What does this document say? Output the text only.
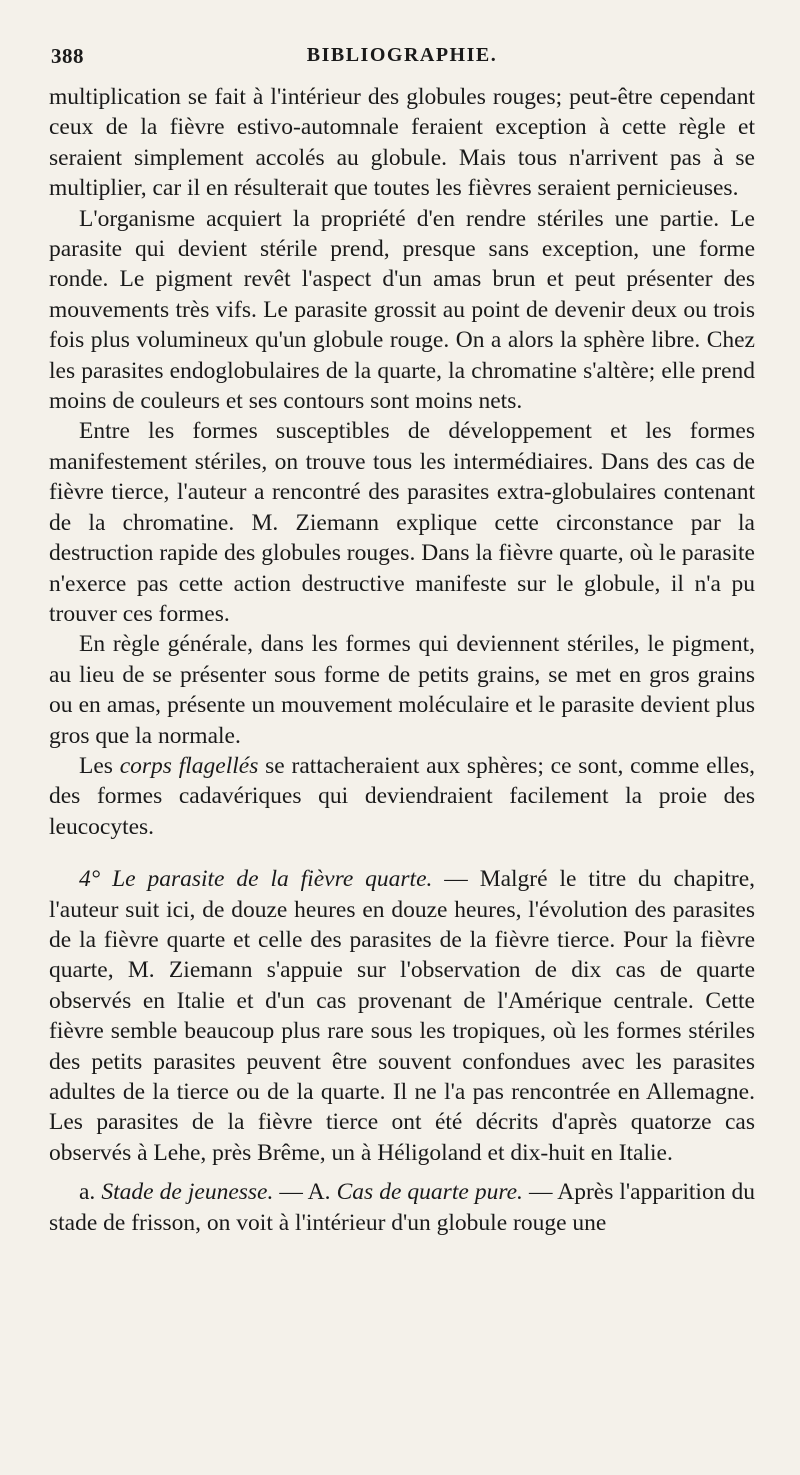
388	BIBLIOGRAPHIE.

multiplication se fait à l'intérieur des globules rouges; peut-être cependant ceux de la fièvre estivo-automnale feraient exception à cette règle et seraient simplement accolés au globule. Mais tous n'arrivent pas à se multiplier, car il en résulterait que toutes les fièvres seraient pernicieuses.

L'organisme acquiert la propriété d'en rendre stériles une partie. Le parasite qui devient stérile prend, presque sans exception, une forme ronde. Le pigment revêt l'aspect d'un amas brun et peut présenter des mouvements très vifs. Le parasite grossit au point de devenir deux ou trois fois plus volumineux qu'un globule rouge. On a alors la sphère libre. Chez les parasites endoglobulaires de la quarte, la chromatine s'altère; elle prend moins de couleurs et ses contours sont moins nets.

Entre les formes susceptibles de développement et les formes manifestement stériles, on trouve tous les intermédiaires. Dans des cas de fièvre tierce, l'auteur a rencontré des parasites extra-globulaires contenant de la chromatine. M. Ziemann explique cette circonstance par la destruction rapide des globules rouges. Dans la fièvre quarte, où le parasite n'exerce pas cette action destructive manifeste sur le globule, il n'a pu trouver ces formes.

En règle générale, dans les formes qui deviennent stériles, le pigment, au lieu de se présenter sous forme de petits grains, se met en gros grains ou en amas, présente un mouvement moléculaire et le parasite devient plus gros que la normale.

Les corps flagellés se rattacheraient aux sphères; ce sont, comme elles, des formes cadavériques qui deviendraient facilement la proie des leucocytes.

4° Le parasite de la fièvre quarte. — Malgré le titre du chapitre, l'auteur suit ici, de douze heures en douze heures, l'évolution des parasites de la fièvre quarte et celle des parasites de la fièvre tierce. Pour la fièvre quarte, M. Ziemann s'appuie sur l'observation de dix cas de quarte observés en Italie et d'un cas provenant de l'Amérique centrale. Cette fièvre semble beaucoup plus rare sous les tropiques, où les formes stériles des petits parasites peuvent être souvent confondues avec les parasites adultes de la tierce ou de la quarte. Il ne l'a pas rencontrée en Allemagne. Les parasites de la fièvre tierce ont été décrits d'après quatorze cas observés à Lehe, près Brême, un à Héligoland et dix-huit en Italie.

a. Stade de jeunesse. — A. Cas de quarte pure. — Après l'apparition du stade de frisson, on voit à l'intérieur d'un globule rouge une
